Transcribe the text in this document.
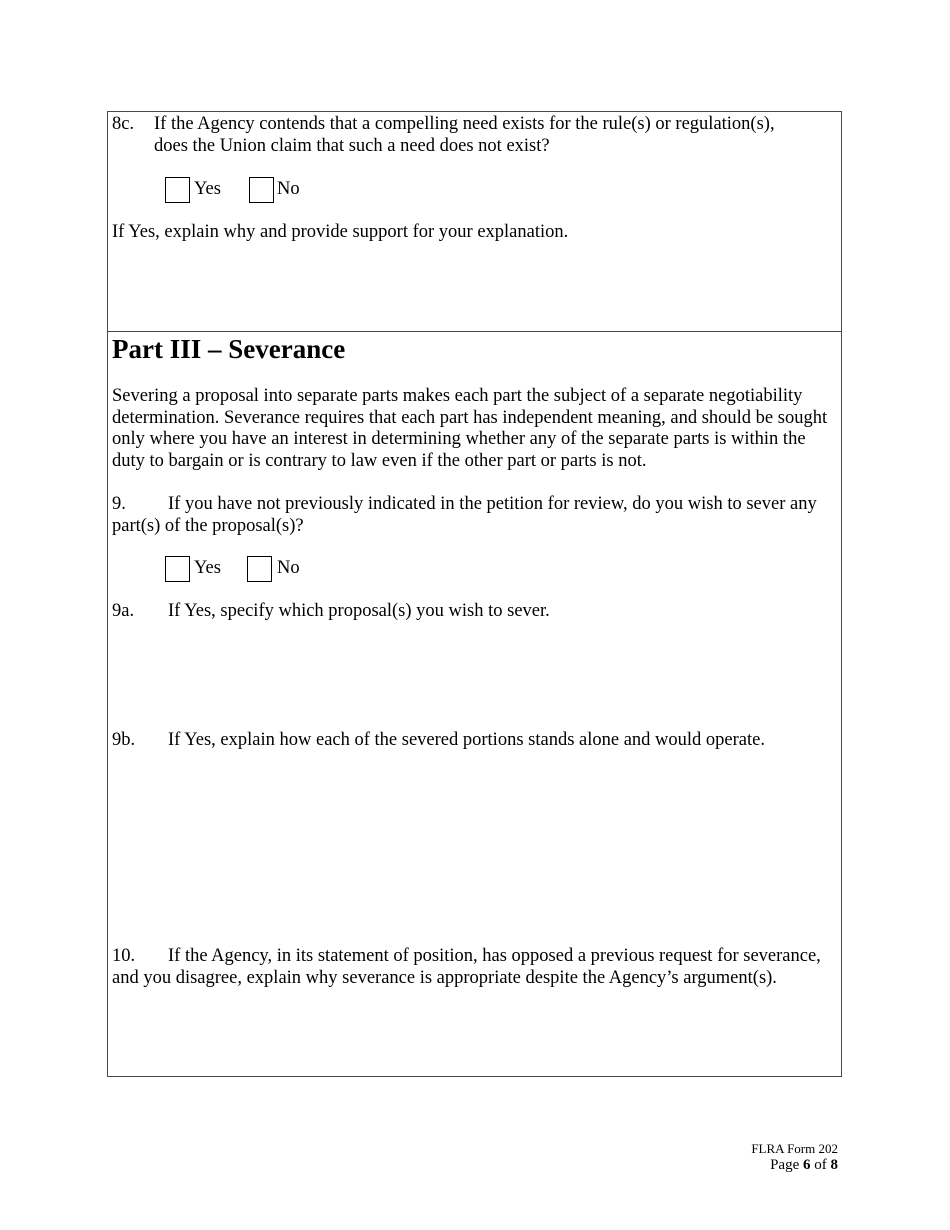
8c. If the Agency contends that a compelling need exists for the rule(s) or regulation(s),
does the Union claim that such a need does not exist?
Yes	No
If Yes, explain why and provide support for your explanation.
Part III – Severance
Severing a proposal into separate parts makes each part the subject of a separate negotiability
determination. Severance requires that each part has independent meaning, and should be sought
only where you have an interest in determining whether any of the separate parts is within the
duty to bargain or is contrary to law even if the other part or parts is not.
9. If you have not previously indicated in the petition for review, do you wish to sever any
part(s) of the proposal(s)?
Yes	No
9a. If Yes, specify which proposal(s) you wish to sever.
9b. If Yes, explain how each of the severed portions stands alone and would operate.
10. If the Agency, in its statement of position, has opposed a previous request for severance,
and you disagree, explain why severance is appropriate despite the Agency’s argument(s).
FLRA Form 202
Page 6 of 8
